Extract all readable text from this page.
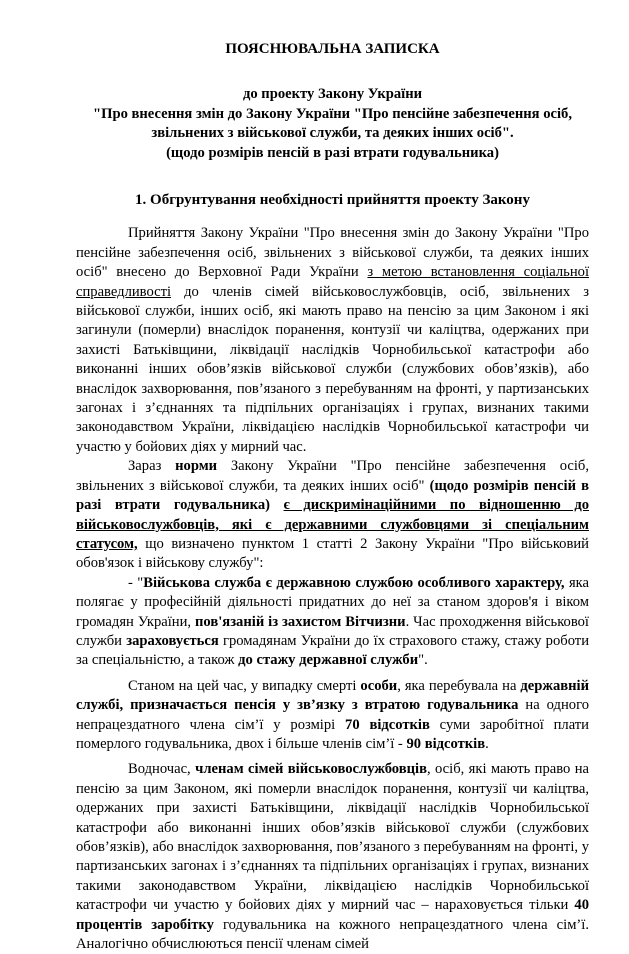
ПОЯСНЮВАЛЬНА ЗАПИСКА
до проекту Закону України
"Про внесення змін до Закону України "Про пенсійне забезпечення осіб,
звільнених з військової служби, та деяких інших осіб".
(щодо розмірів пенсій в разі втрати годувальника)
1. Обгрунтування необхідності прийняття проекту Закону

Прийняття Закону України "Про внесення змін до Закону України "Про пенсійне забезпечення осіб, звільнених з військової служби, та деяких інших осіб" внесено до Верховної Ради України з метою встановлення соціальної справедливості до членів сімей військовослужбовців, осіб, звільнених з військової служби, інших осіб, які мають право на пенсію за цим Законом і які загинули (померли) внаслідок поранення, контузії чи каліцтва, одержаних при захисті Батьківщини, ліквідації наслідків Чорнобильської катастрофи або виконанні інших обов’язків військової служби (службових обов’язків), або внаслідок захворювання, пов’язаного з перебуванням на фронті, у партизанських загонах і з’єднаннях та підпільних організаціях і групах, визнаних такими законодавством України, ліквідацією наслідків Чорнобильської катастрофи чи участю у бойових діях у мирний час.

Зараз норми Закону України "Про пенсійне забезпечення осіб, звільнених з військової служби, та деяких інших осіб" (щодо розмірів пенсій в разі втрати годувальника) є дискримінаційними по відношенню до військовослужбовців, які є державними службовцями зі спеціальним статусом, що визначено пунктом 1 статті 2 Закону України "Про військовий обов'язок і військову службу":

- "Військова служба є державною службою особливого характеру, яка полягає у професійній діяльності придатних до неї за станом здоров'я і віком громадян України, пов'язаній із захистом Вітчизни. Час проходження військової служби зараховується громадянам України до їх страхового стажу, стажу роботи за спеціальністю, а також до стажу державної служби".

Станом на цей час, у випадку смерті особи, яка перебувала на державній службі, призначається пенсія у зв’язку з втратою годувальника на одного непрацездатного члена сім’ї у розмірі 70 відсотків суми заробітної плати померлого годувальника, двох і більше членів сім’ї - 90 відсотків.

Водночас, членам сімей військовослужбовців, осіб, які мають право на пенсію за цим Законом, які померли внаслідок поранення, контузії чи каліцтва, одержаних при захисті Батьківщини, ліквідації наслідків Чорнобильської катастрофи або виконанні інших обов’язків військової служби (службових обов’язків), або внаслідок захворювання, пов’язаного з перебуванням на фронті, у партизанських загонах і з’єднаннях та підпільних організаціях і групах, визнаних такими законодавством України, ліквідацією наслідків Чорнобильської катастрофи чи участю у бойових діях у мирний час – нараховується тільки 40 процентів заробітку годувальника на кожного непрацездатного члена сім’ї. Аналогічно обчислюються пенсії членам сімей
